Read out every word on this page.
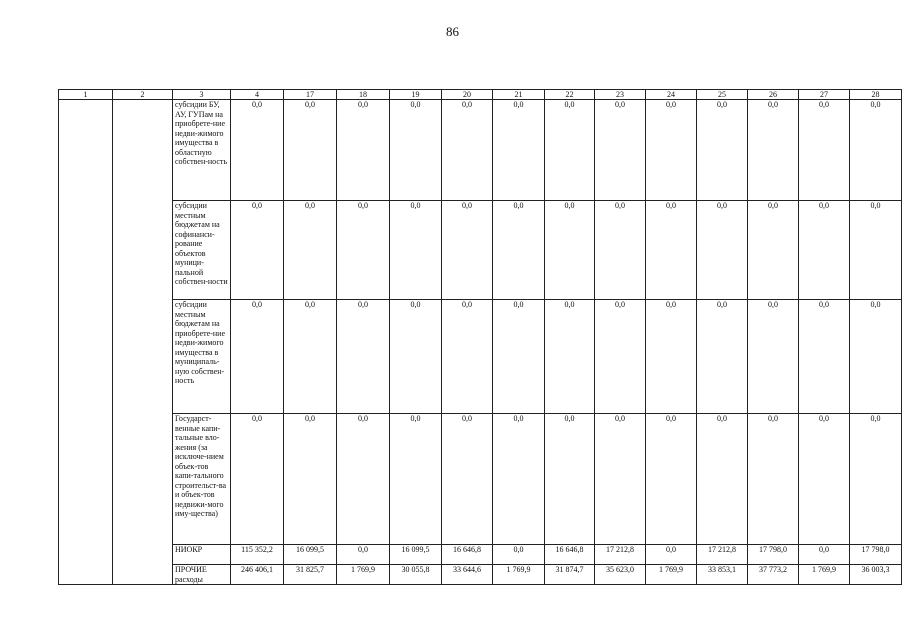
86
1	2	3	4	17	18	19	20	21	22	23	24	25	26	27	28
		субсидии БУ, АУ, ГУПам на приобрете-ние недви-жимого имущества в областную собствен-ность	0,0	0,0	0,0	0,0	0,0	0,0	0,0	0,0	0,0	0,0	0,0	0,0	0,0
		субсидии местным бюджетам на софинанси-рование объектов муници-пальной собствен-ности	0,0	0,0	0,0	0,0	0,0	0,0	0,0	0,0	0,0	0,0	0,0	0,0	0,0
		субсидии местным бюджетам на приобрете-ние недви-жимого имущества в муниципаль-ную собствен-ность	0,0	0,0	0,0	0,0	0,0	0,0	0,0	0,0	0,0	0,0	0,0	0,0	0,0
		Государст-венные капи-тальные вло-жения (за исключе-нием объек-тов капи-тального строительст-ва и объек-тов недвижи-мого иму-щества)	0,0	0,0	0,0	0,0	0,0	0,0	0,0	0,0	0,0	0,0	0,0	0,0	0,0
		НИОКР	115 352,2	16 099,5	0,0	16 099,5	16 646,8	0,0	16 646,8	17 212,8	0,0	17 212,8	17 798,0	0,0	17 798,0
		ПРОЧИЕ расходы	246 406,1	31 825,7	1 769,9	30 055,8	33 644,6	1 769,9	31 874,7	35 623,0	1 769,9	33 853,1	37 773,2	1 769,9	36 003,3
